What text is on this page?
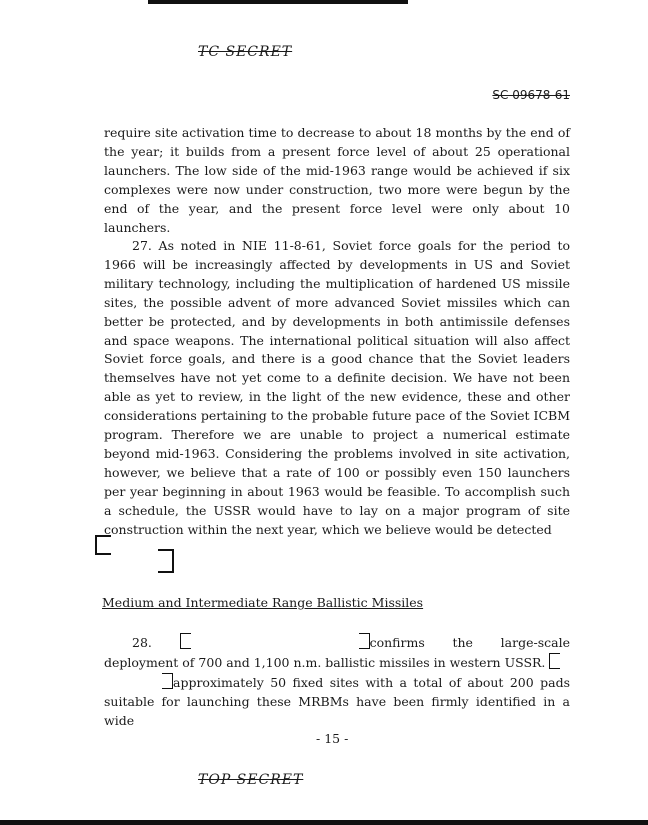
TC SECRET
SC 09678-61

require site activation time to decrease to about 18 months by the end of the year; it builds from a present force level of about 25 operational launchers. The low side of the mid-1963 range would be achieved if six complexes were now under construction, two more were begun by the end of the year, and the present force level were only about 10 launchers.

27. As noted in NIE 11-8-61, Soviet force goals for the period to 1966 will be increasingly affected by developments in US and Soviet military technology, including the multiplication of hardened US missile sites, the possible advent of more advanced Soviet missiles which can better be protected, and by developments in both antimissile defenses and space weapons. The international political situation will also affect Soviet force goals, and there is a good chance that the Soviet leaders themselves have not yet come to a definite decision. We have not been able as yet to review, in the light of the new evidence, these and other considerations pertaining to the probable future pace of the Soviet ICBM program. Therefore we are unable to project a numerical estimate beyond mid-1963. Considering the problems involved in site activation, however, we believe that a rate of 100 or possibly even 150 launchers per year beginning in about 1963 would be feasible. To accomplish such a schedule, the USSR would have to lay on a major program of site construction within the next year, which we believe would be detected

Medium and Intermediate Range Ballistic Missiles

28.	confirms the large-scale deployment of 700 and 1,100 n.m. ballistic missiles in western USSR.
approximately 50 fixed sites with a total of about 200 pads suitable for launching these MRBMs have been firmly identified in a wide

- 15 -
TOP SECRET
